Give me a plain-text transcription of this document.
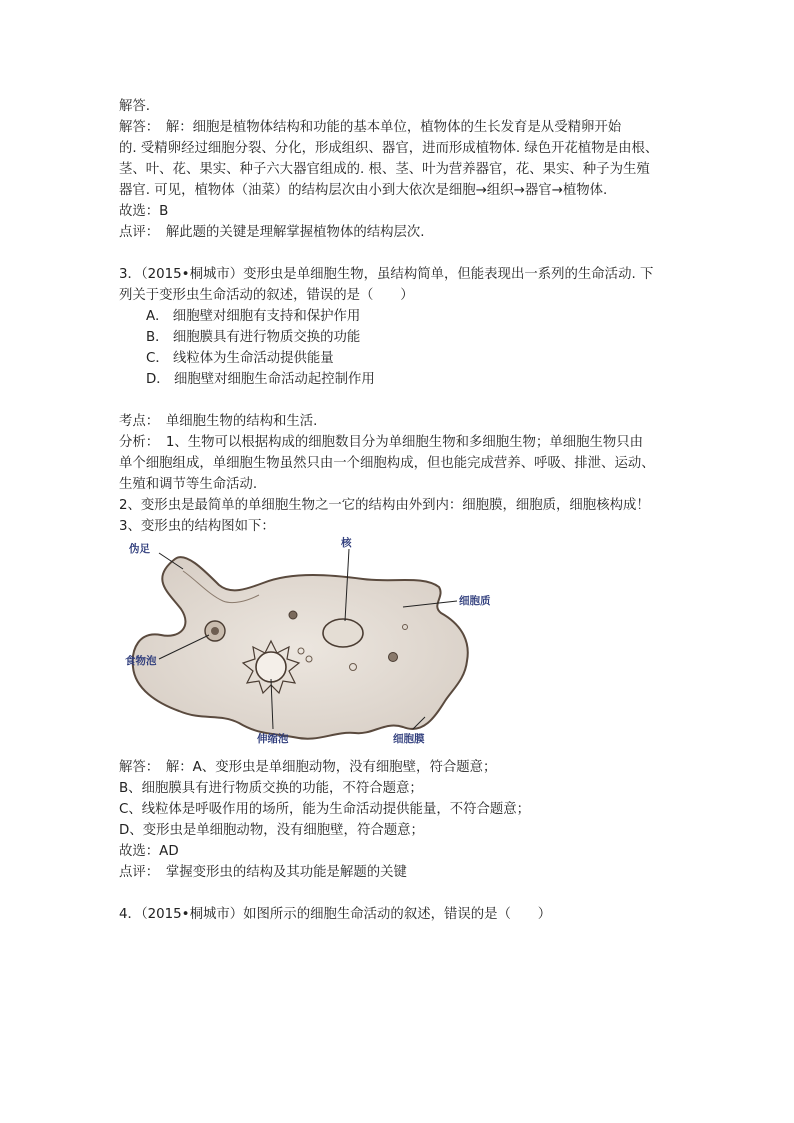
解答.
解答：　解：细胞是植物体结构和功能的基本单位，植物体的生长发育是从受精卵开始
的. 受精卵经过细胞分裂、分化，形成组织、器官，进而形成植物体. 绿色开花植物是由根、
茎、叶、花、果实、种子六大器官组成的. 根、茎、叶为营养器官，花、果实、种子为生殖
器官. 可见，植物体（油菜）的结构层次由小到大依次是细胞→组织→器官→植物体.
故选：B
点评：　解此题的关键是理解掌握植物体的结构层次.
3．（2015•桐城市）变形虫是单细胞生物，虽结构简单，但能表现出一系列的生命活动. 下
列关于变形虫生命活动的叙述，错误的是（　　）
A． 细胞壁对细胞有支持和保护作用
B． 细胞膜具有进行物质交换的功能
C． 线粒体为生命活动提供能量
D． 细胞壁对细胞生命活动起控制作用
考点：　单细胞生物的结构和生活.
分析：　1、生物可以根据构成的细胞数目分为单细胞生物和多细胞生物；单细胞生物只由
单个细胞组成，单细胞生物虽然只由一个细胞构成，但也能完成营养、呼吸、排泄、运动、
生殖和调节等生命活动.
2、变形虫是最简单的单细胞生物之一它的结构由外到内：细胞膜，细胞质，细胞核构成！
3、变形虫的结构图如下：
伪足	核
细胞质
食物泡
伸缩泡	细胞膜
解答：　解：A、变形虫是单细胞动物，没有细胞壁，符合题意；
B、细胞膜具有进行物质交换的功能，不符合题意；
C、线粒体是呼吸作用的场所，能为生命活动提供能量，不符合题意；
D、变形虫是单细胞动物，没有细胞壁，符合题意；
故选：AD
点评：　掌握变形虫的结构及其功能是解题的关键
4．（2015•桐城市）如图所示的细胞生命活动的叙述，错误的是（　　）
